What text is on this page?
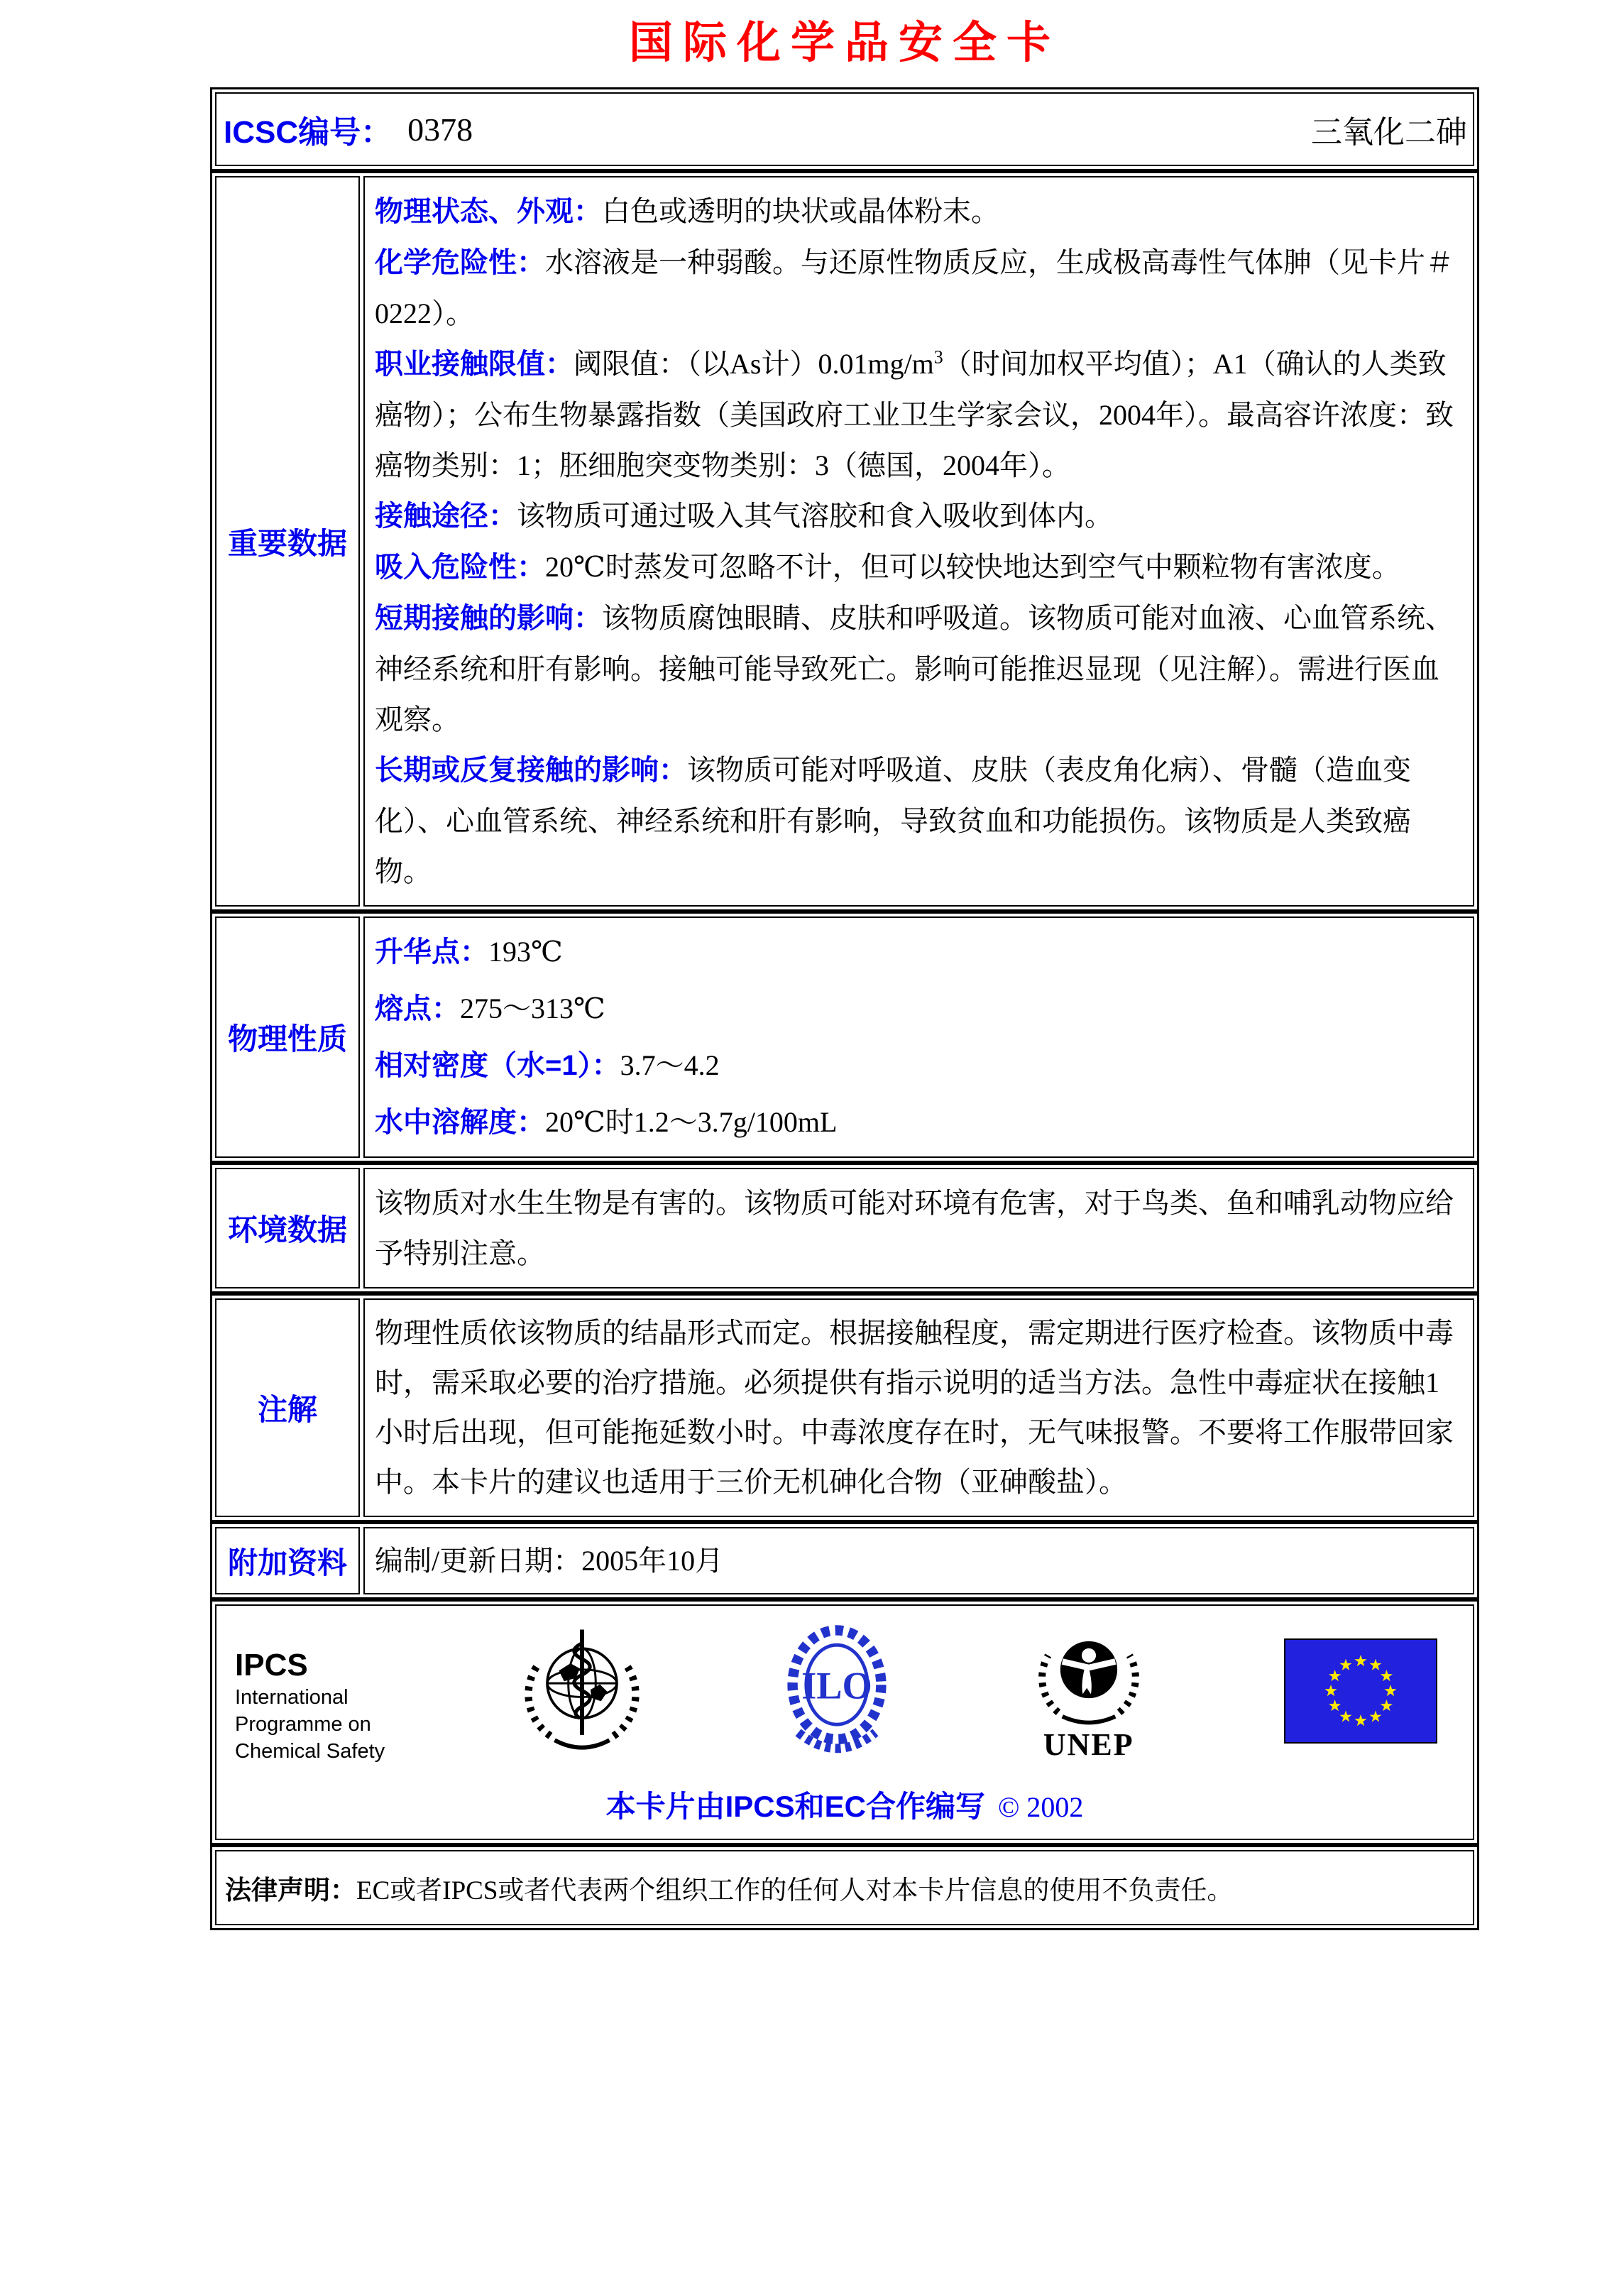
国际化学品安全卡
ICSC编号： 0378	三氧化二砷
重要数据

物理状态、外观：白色或透明的块状或晶体粉末。

化学危险性：水溶液是一种弱酸。与还原性物质反应，生成极高毒性气体胂（见卡片＃0222）。

职业接触限值：阈限值：（以As计）$0.01mg/m^3$（时间加权平均值）；A1（确认的人类致癌物）；公布生物暴露指数（美国政府工业卫生学家会议，2004年）。最高容许浓度：致癌物类别：1；胚细胞突变物类别：3（德国，2004年）。

接触途径：该物质可通过吸入其气溶胶和食入吸收到体内。

吸入危险性：20℃时蒸发可忽略不计，但可以较快地达到空气中颗粒物有害浓度。

短期接触的影响：该物质腐蚀眼睛、皮肤和呼吸道。该物质可能对血液、心血管系统、神经系统和肝有影响。接触可能导致死亡。影响可能推迟显现（见注解）。需进行医血观察。

长期或反复接触的影响：该物质可能对呼吸道、皮肤（表皮角化病）、骨髓（造血变化）、心血管系统、神经系统和肝有影响，导致贫血和功能损伤。该物质是人类致癌物。

物理性质

升华点：193℃

熔点：275～313℃

相对密度（水=1）：3.7～4.2

水中溶解度：20℃时1.2～3.7g/100mL

环境数据

该物质对水生生物是有害的。该物质可能对环境有危害，对于鸟类、鱼和哺乳动物应给予特别注意。

注解

物理性质依该物质的结晶形式而定。根据接触程度，需定期进行医疗检查。该物质中毒时，需采取必要的治疗措施。必须提供有指示说明的适当方法。急性中毒症状在接触1小时后出现，但可能拖延数小时。中毒浓度存在时，无气味报警。不要将工作服带回家中。本卡片的建议也适用于三价无机砷化合物（亚砷酸盐）。

附加资料 编制/更新日期：2005年10月

IPCS
International
Programme on
Chemical Safety
ILO
UNEP
本卡片由IPCS和EC合作编写 © 2002
法律声明：EC或者IPCS或者代表两个组织工作的任何人对本卡片信息的使用不负责任。
